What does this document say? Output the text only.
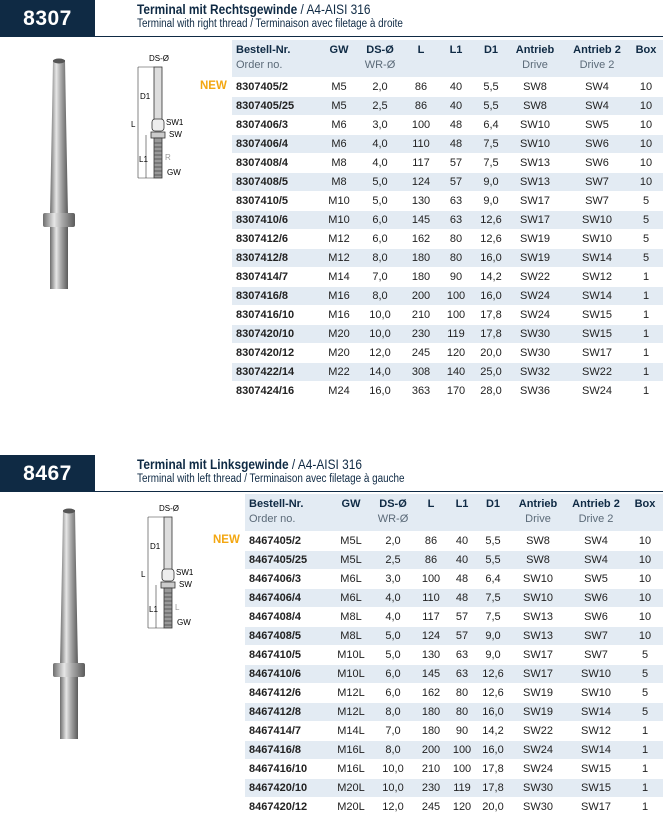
8307	Terminal mit Rechtsgewinde / A4-AISI 316
Terminal with right thread / Terminaison avec filetage à droite
DS-Ø
D1
L
L1
SW1
SW
R
GW
NEW
Bestell-Nr.
Order no.
GW DS-Ø
WR-Ø
L L1 D1 Antrieb
Drive
Antrieb 2
Drive 2
Box
8307405/2	M5 2,0 86 40 5,5 SW8	SW4	10
8307405/25	M5 2,5 86 40 5,5 SW8	SW4	10
8307406/3	M6 3,0 100 48 6,4 SW10	SW5	10
8307406/4	M6 4,0 110 48 7,5 SW10	SW6	10
8307408/4	M8 4,0 117 57 7,5 SW13	SW6	10
8307408/5	M8 5,0 124 57 9,0 SW13	SW7	10
8307410/5	M10 5,0 130 63 9,0 SW17	SW7	5
8307410/6	M10 6,0 145 63 12,6 SW17	SW10	5
8307412/6	M12 6,0 162 80 12,6 SW19	SW10	5
8307412/8	M12 8,0 180 80 16,0 SW19	SW14	5
8307414/7	M14 7,0 180 90 14,2 SW22	SW12	1
8307416/8	M16 8,0 200 100 16,0 SW24	SW14	1
8307416/10	M16 10,0 210 100 17,8 SW24	SW15	1
8307420/10	M20 10,0 230 119 17,8 SW30	SW15	1
8307420/12	M20 12,0 245 120 20,0 SW30	SW17	1
8307422/14	M22 14,0 308 140 25,0 SW32	SW22	1
8307424/16	M24 16,0 363 170 28,0 SW36	SW24	1
8467	Terminal mit Linksgewinde / A4-AISI 316
Terminal with left thread / Terminaison avec filetage à gauche
DS-Ø
D1
L
L1
SW1
SW
L
GW
NEW
Bestell-Nr.
Order no.
GW DS-Ø
WR-Ø
L L1 D1 Antrieb
Drive
Antrieb 2
Drive 2
Box
8467405/2	M5L 2,0 86 40 5,5 SW8	SW4	10
8467405/25	M5L 2,5 86 40 5,5 SW8	SW4	10
8467406/3	M6L 3,0 100 48 6,4 SW10	SW5	10
8467406/4	M6L 4,0 110 48 7,5 SW10	SW6	10
8467408/4	M8L 4,0 117 57 7,5 SW13	SW6	10
8467408/5	M8L 5,0 124 57 9,0 SW13	SW7	10
8467410/5	M10L 5,0 130 63 9,0 SW17	SW7	5
8467410/6	M10L 6,0 145 63 12,6 SW17	SW10	5
8467412/6	M12L 6,0 162 80 12,6 SW19	SW10	5
8467412/8	M12L 8,0 180 80 16,0 SW19	SW14	5
8467414/7	M14L 7,0 180 90 14,2 SW22	SW12	1
8467416/8	M16L 8,0 200 100 16,0 SW24	SW14	1
8467416/10	M16L 10,0 210 100 17,8 SW24	SW15	1
8467420/10	M20L 10,0 230 119 17,8 SW30	SW15	1
8467420/12	M20L 12,0 245 120 20,0 SW30	SW17	1
